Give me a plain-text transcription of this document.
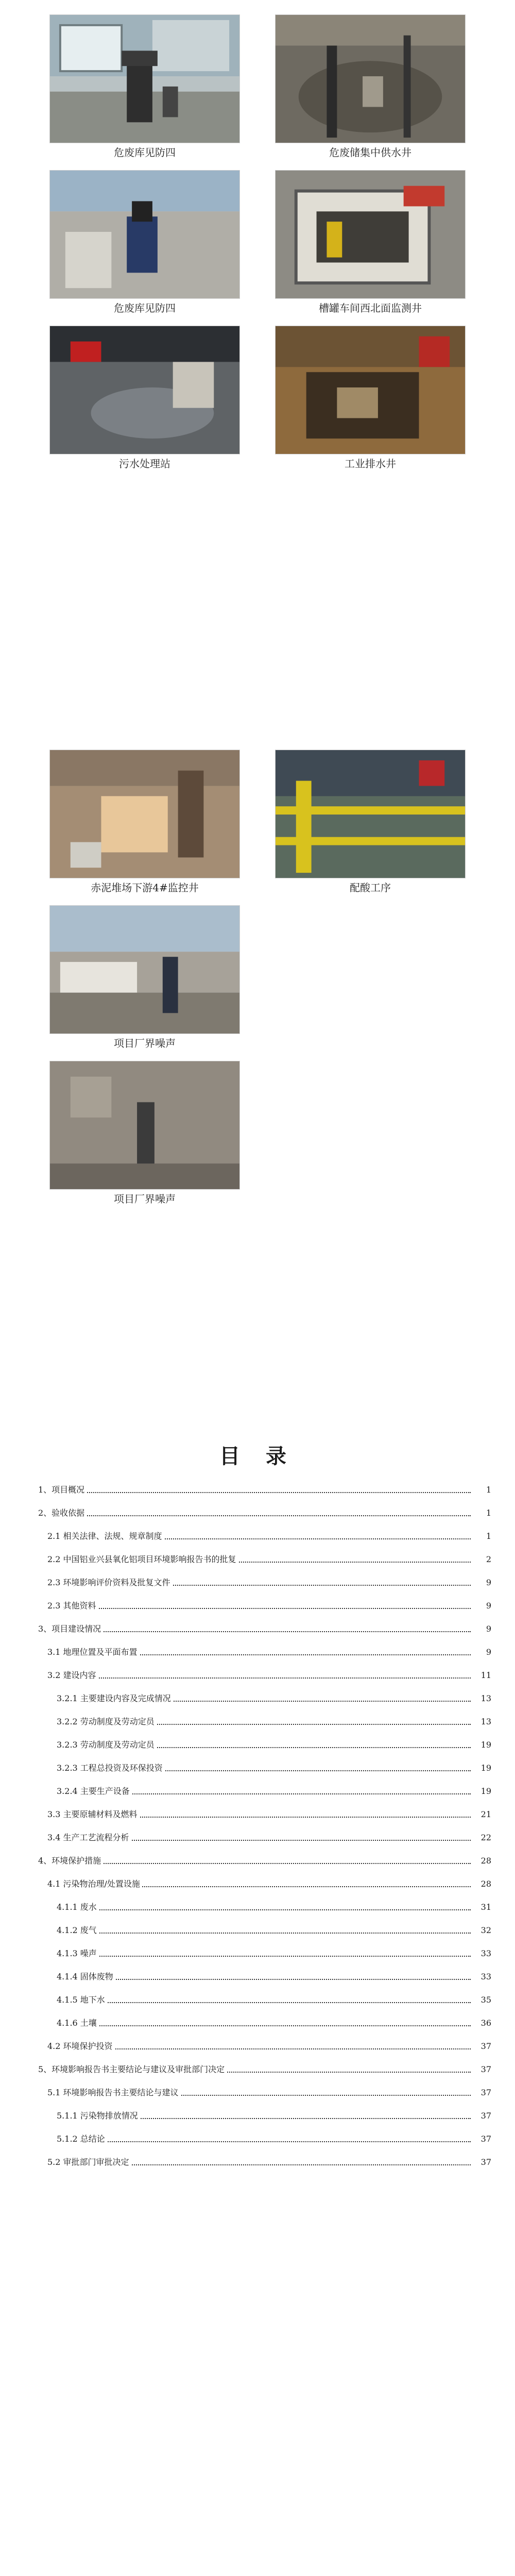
危废库见防四	危废储集中供水井
危废库见防四	槽罐车间西北面监测井
污水处理站	工业排水井
赤泥堆场下游4#监控井	配酸工序
项目厂界噪声
项目厂界噪声
目 录
1、项目概况	1
2、验收依据	1
2.1 相关法律、法规、规章制度	1
2.2 中国铝业兴县氧化铝项目环境影响报告书的批复	2
2.3 环境影响评价资料及批复文件	9
2.3 其他资料	9
3、项目建设情况	9
3.1 地理位置及平面布置	9
3.2 建设内容	11
3.2.1 主要建设内容及完成情况	13
3.2.2 劳动制度及劳动定员	13
3.2.3 劳动制度及劳动定员	19
3.2.3 工程总投资及环保投资	19
3.2.4 主要生产设备	19
3.3 主要原辅材料及燃料	21
3.4 生产工艺流程分析	22
4、环境保护措施	28
4.1 污染物治理/处置设施	28
4.1.1 废水	31
4.1.2 废气	32
4.1.3 噪声	33
4.1.4 固体废物	33
4.1.5 地下水	35
4.1.6 土壤	36
4.2 环境保护投资	37
5、环境影响报告书主要结论与建议及审批部门决定	37
5.1 环境影响报告书主要结论与建议	37
5.1.1 污染物排放情况	37
5.1.2 总结论	37
5.2 审批部门审批决定	37
